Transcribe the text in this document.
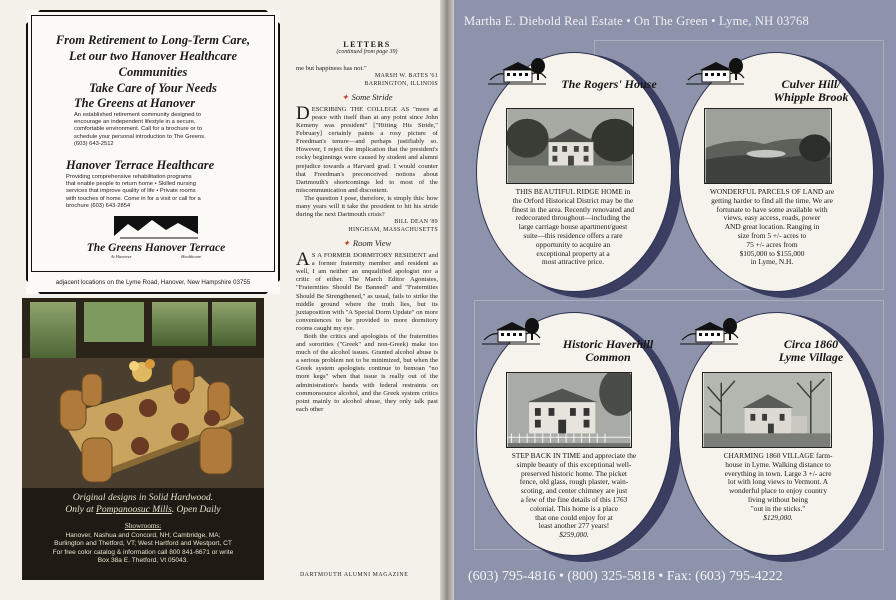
From Retirement to Long-Term Care,
Let our two Hanover Healthcare Communities
Take Care of Your Needs
The Greens at Hanover
An established retirement community designed to
encourage an independent lifestyle in a secure,
comfortable environment. Call for a brochure or to
schedule your personal introduction to The Greens.
(603) 643-2512
Hanover Terrace Healthcare
Providing comprehensive rehabilitation programs
that enable people to return home • Skilled nursing
services that improve quality of life • Private rooms
with touches of home. Come in for a visit or call for a
brochure (603) 643-2854
The Greens Hanover Terrace
At Hanover	Healthcare
adjacent locations on the Lyme Road, Hanover, New Hampshire 03755
Original designs in Solid Hardwood.
Only at Pompanoosuc Mills. Open Daily
Showrooms:
Hanover, Nashua and Concord, NH; Cambridge, MA;
Burlington and Thetford, VT; West Hartford and Westport, CT
For free color catalog & information call 800 841-6671 or write
Box 38a E. Thetford, Vt 05043.
LETTERS
(continued from page 39)
me but happiness has not."
MARSH W. BATES '61
BARRINGTON, ILLINOIS
✦ Some Stride
DESCRIBING THE COLLEGE AS "more at peace with itself than at any point since John Kemeny was president" ["Hitting His Stride," February] certainly paints a rosy picture of Freedman's tenure—and perhaps justifiably so. However, I reject the implication that the president's rocky beginnings were caused by student and alumni prejudice towards a Harvard grad. I would counter that Freedman's preconceived notions about Dartmouth's shortcomings led to most of the miscommunication and discontent.
The question I pose, therefore, is simply this: how many years will it take the president to hit his stride during the next Dartmouth crisis?
BILL DEAN '89
HINGHAM, MASSACHUSETTS
✦ Room View
A S A FORMER DORMITORY RESIDENT and a former fraternity member and resident as well, I am neither an unqualified apologist nor a critic of either. The March Editor Agonistes, "Fraternities Should Be Banned" and "Fraternities Should Be Strengthened," as usual, fails to strike the middle ground where the truth lies, but its juxtaposition with "A Special Dorm Update" on more conveniences to be provided to more dormitory rooms caught my eye.
Both the critics and apologists of the fraternities and sororities ("Greek" and non-Greek) make too much of the alcohol issues. Granted alcohol abuse is a serious problem not to be minimized, but when the Greek system apologists continue to bemoan "no more kegs" when that issue is really out of the administration's hands with federal restraints on commonsource alcohol, and the Greek system critics point mainly to alcohol abuse, they only talk past each other
DARTMOUTH ALUMNI MAGAZINE
Martha E. Diebold Real Estate • On The Green • Lyme, NH 03768
The Rogers' House
THIS BEAUTIFUL RIDGE HOME in
the Orford Historical District may be the
finest in the area. Recently renovated and
redecorated throughout—including the
large carriage house apartment/guest
suite—this residence offers a rare
opportunity to acquire an
exceptional property at a
most attractive price.
Culver Hill/
Whipple Brook
WONDERFUL PARCELS OF LAND are
getting harder to find all the time. We are
fortunate to have some available with
views, easy access, roads, power
AND great location. Ranging in
size from 5 +/- acres to
75 +/- acres from
$105,000 to $155,000
in Lyme, N.H.
Historic Haverhill
Common
STEP BACK IN TIME and appreciate the
simple beauty of this exceptional well-
preserved historic home. The picket
fence, old glass, rough plaster, wain-
scoting, and center chimney are just
a few of the fine details of this 1763
colonial. This home is a place
that one could enjoy for at
least another 277 years!
$259,000.
Circa 1860
Lyme Village
CHARMING 1860 VILLAGE farm-
house in Lyme. Walking distance to
everything in town. Large 3 +/- acre
lot with long views to Vermont. A
wonderful place to enjoy country
living without being
"out in the sticks."
$129,000.
(603) 795-4816 • (800) 325-5818 • Fax: (603) 795-4222
